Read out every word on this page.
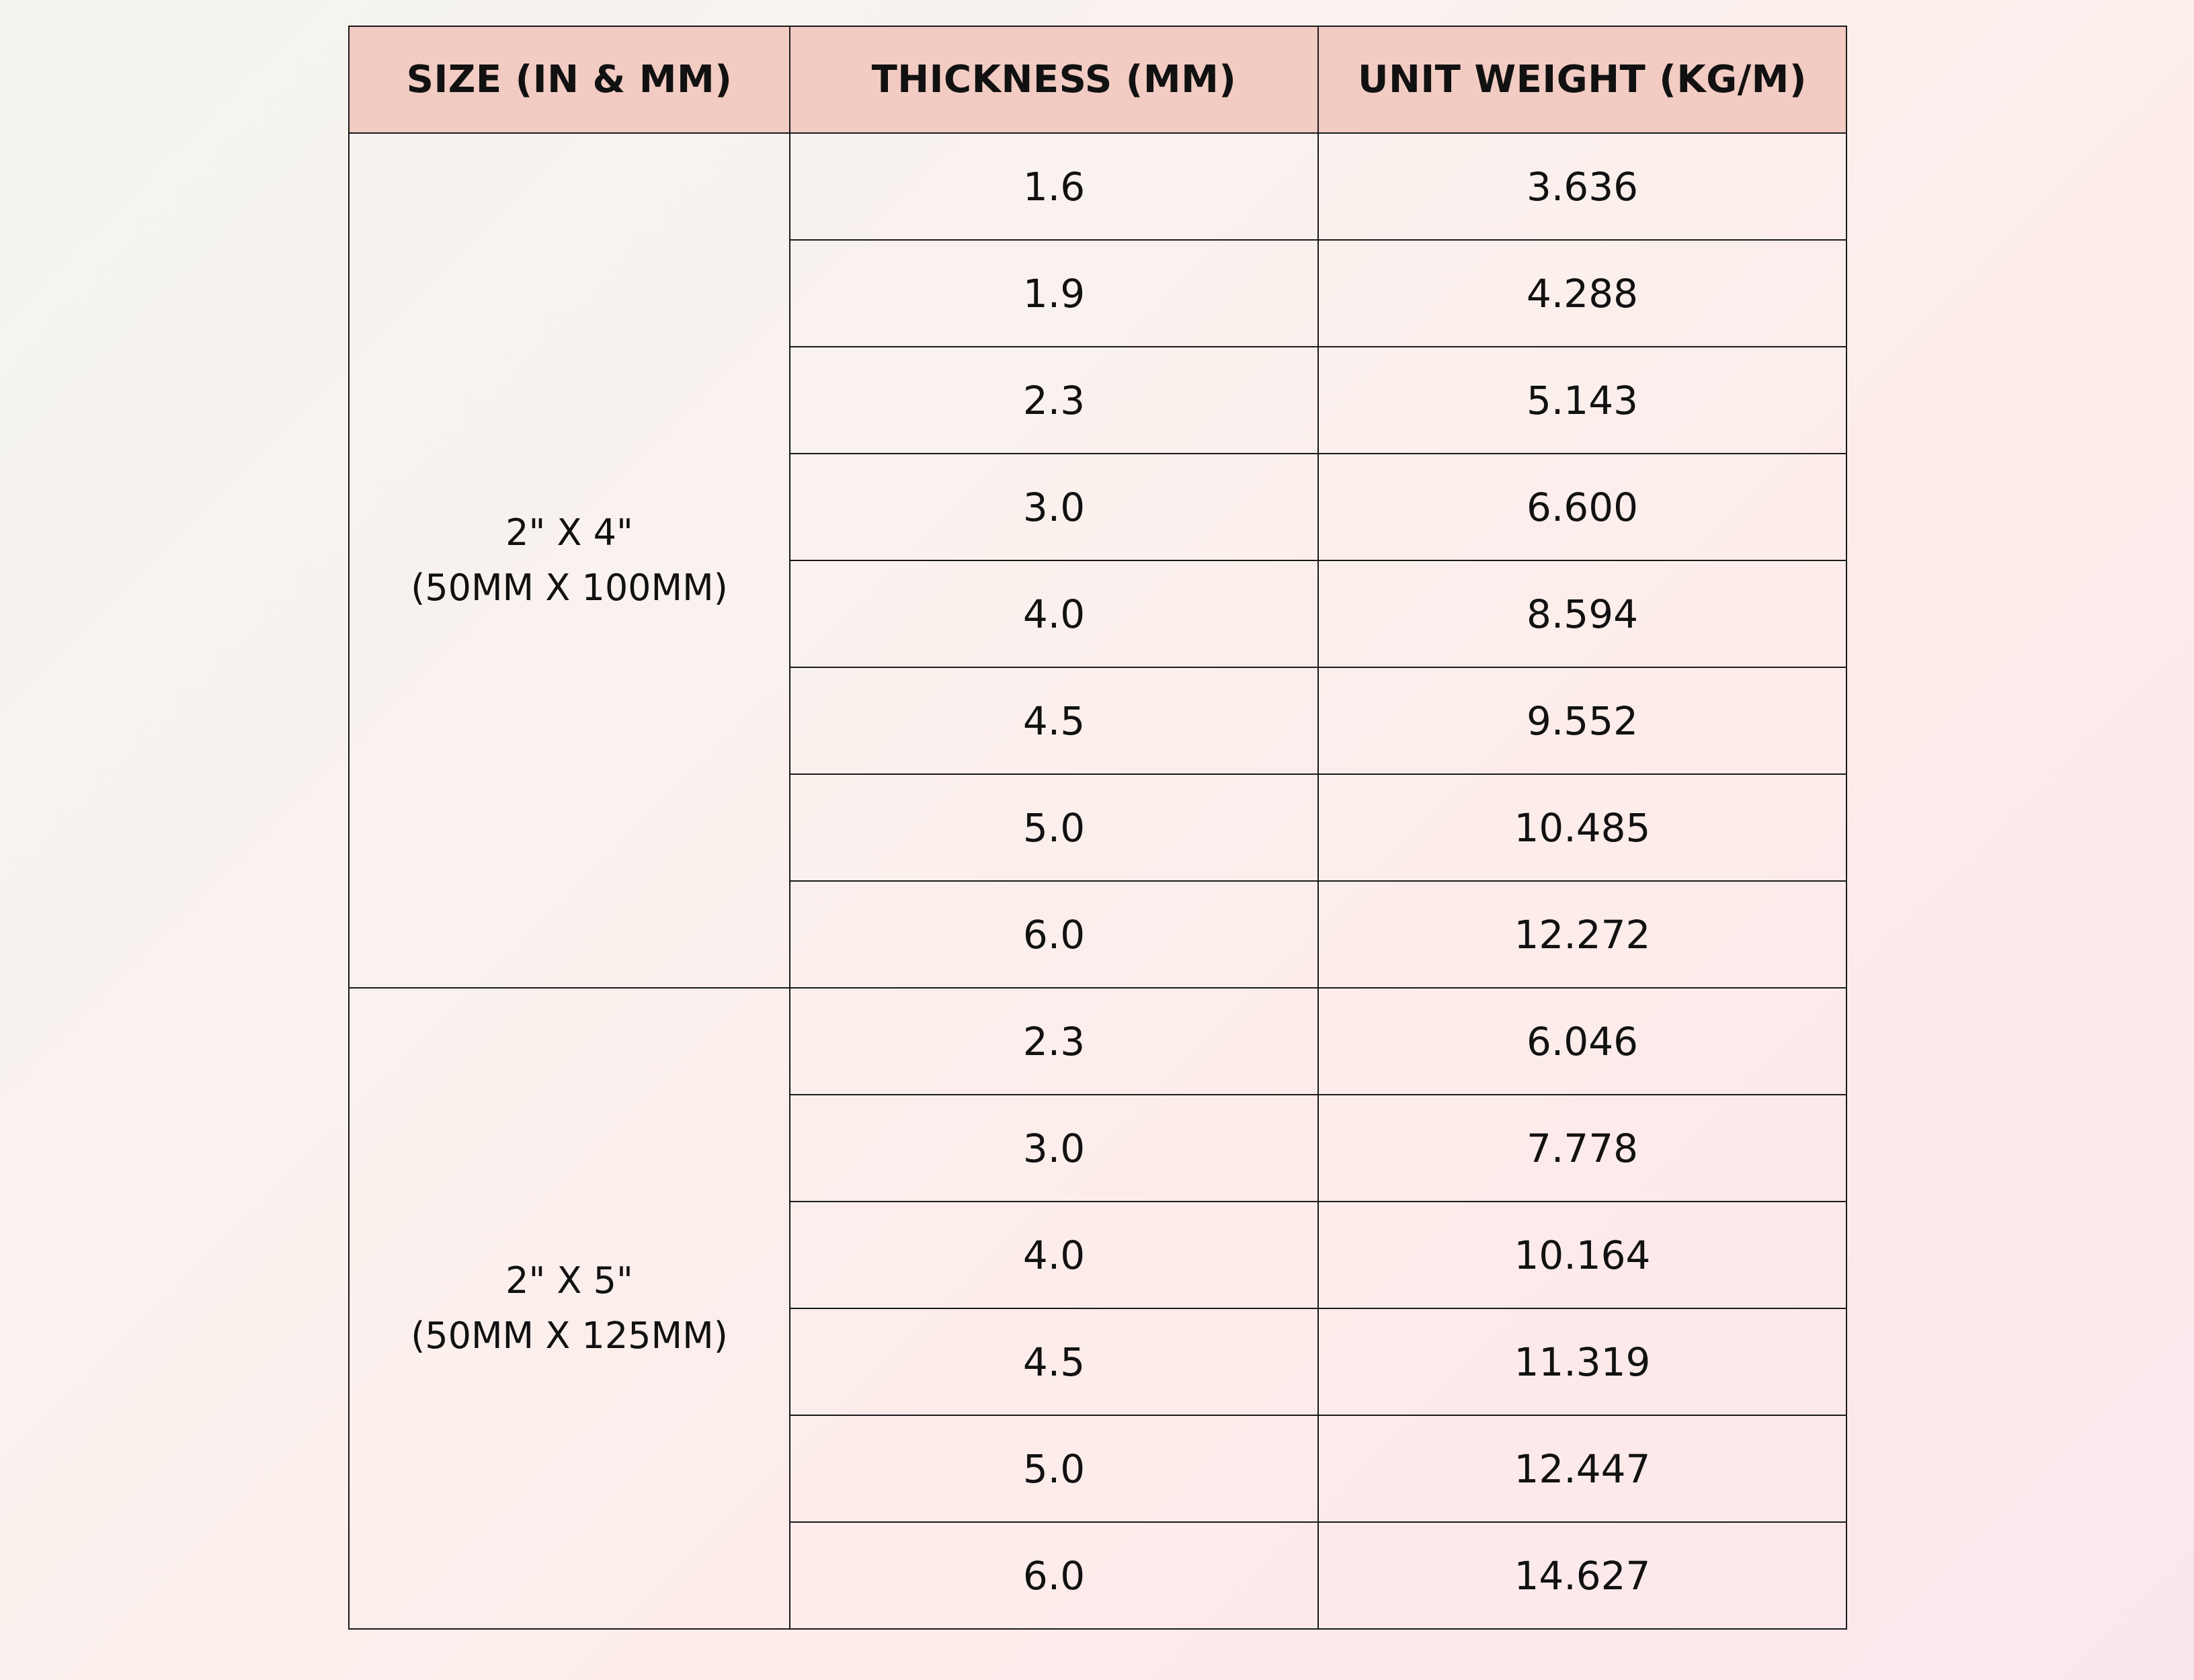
SIZE (IN & MM)	THICKNESS (MM)	UNIT WEIGHT (KG/M)

2" X 4"
(50MM X 100MM)	1.6	3.636
	1.9	4.288
	2.3	5.143
	3.0	6.600
	4.0	8.594
	4.5	9.552
	5.0	10.485
	6.0	12.272

2" X 5"
(50MM X 125MM)	2.3	6.046
	3.0	7.778
	4.0	10.164
	4.5	11.319
	5.0	12.447
	6.0	14.627
